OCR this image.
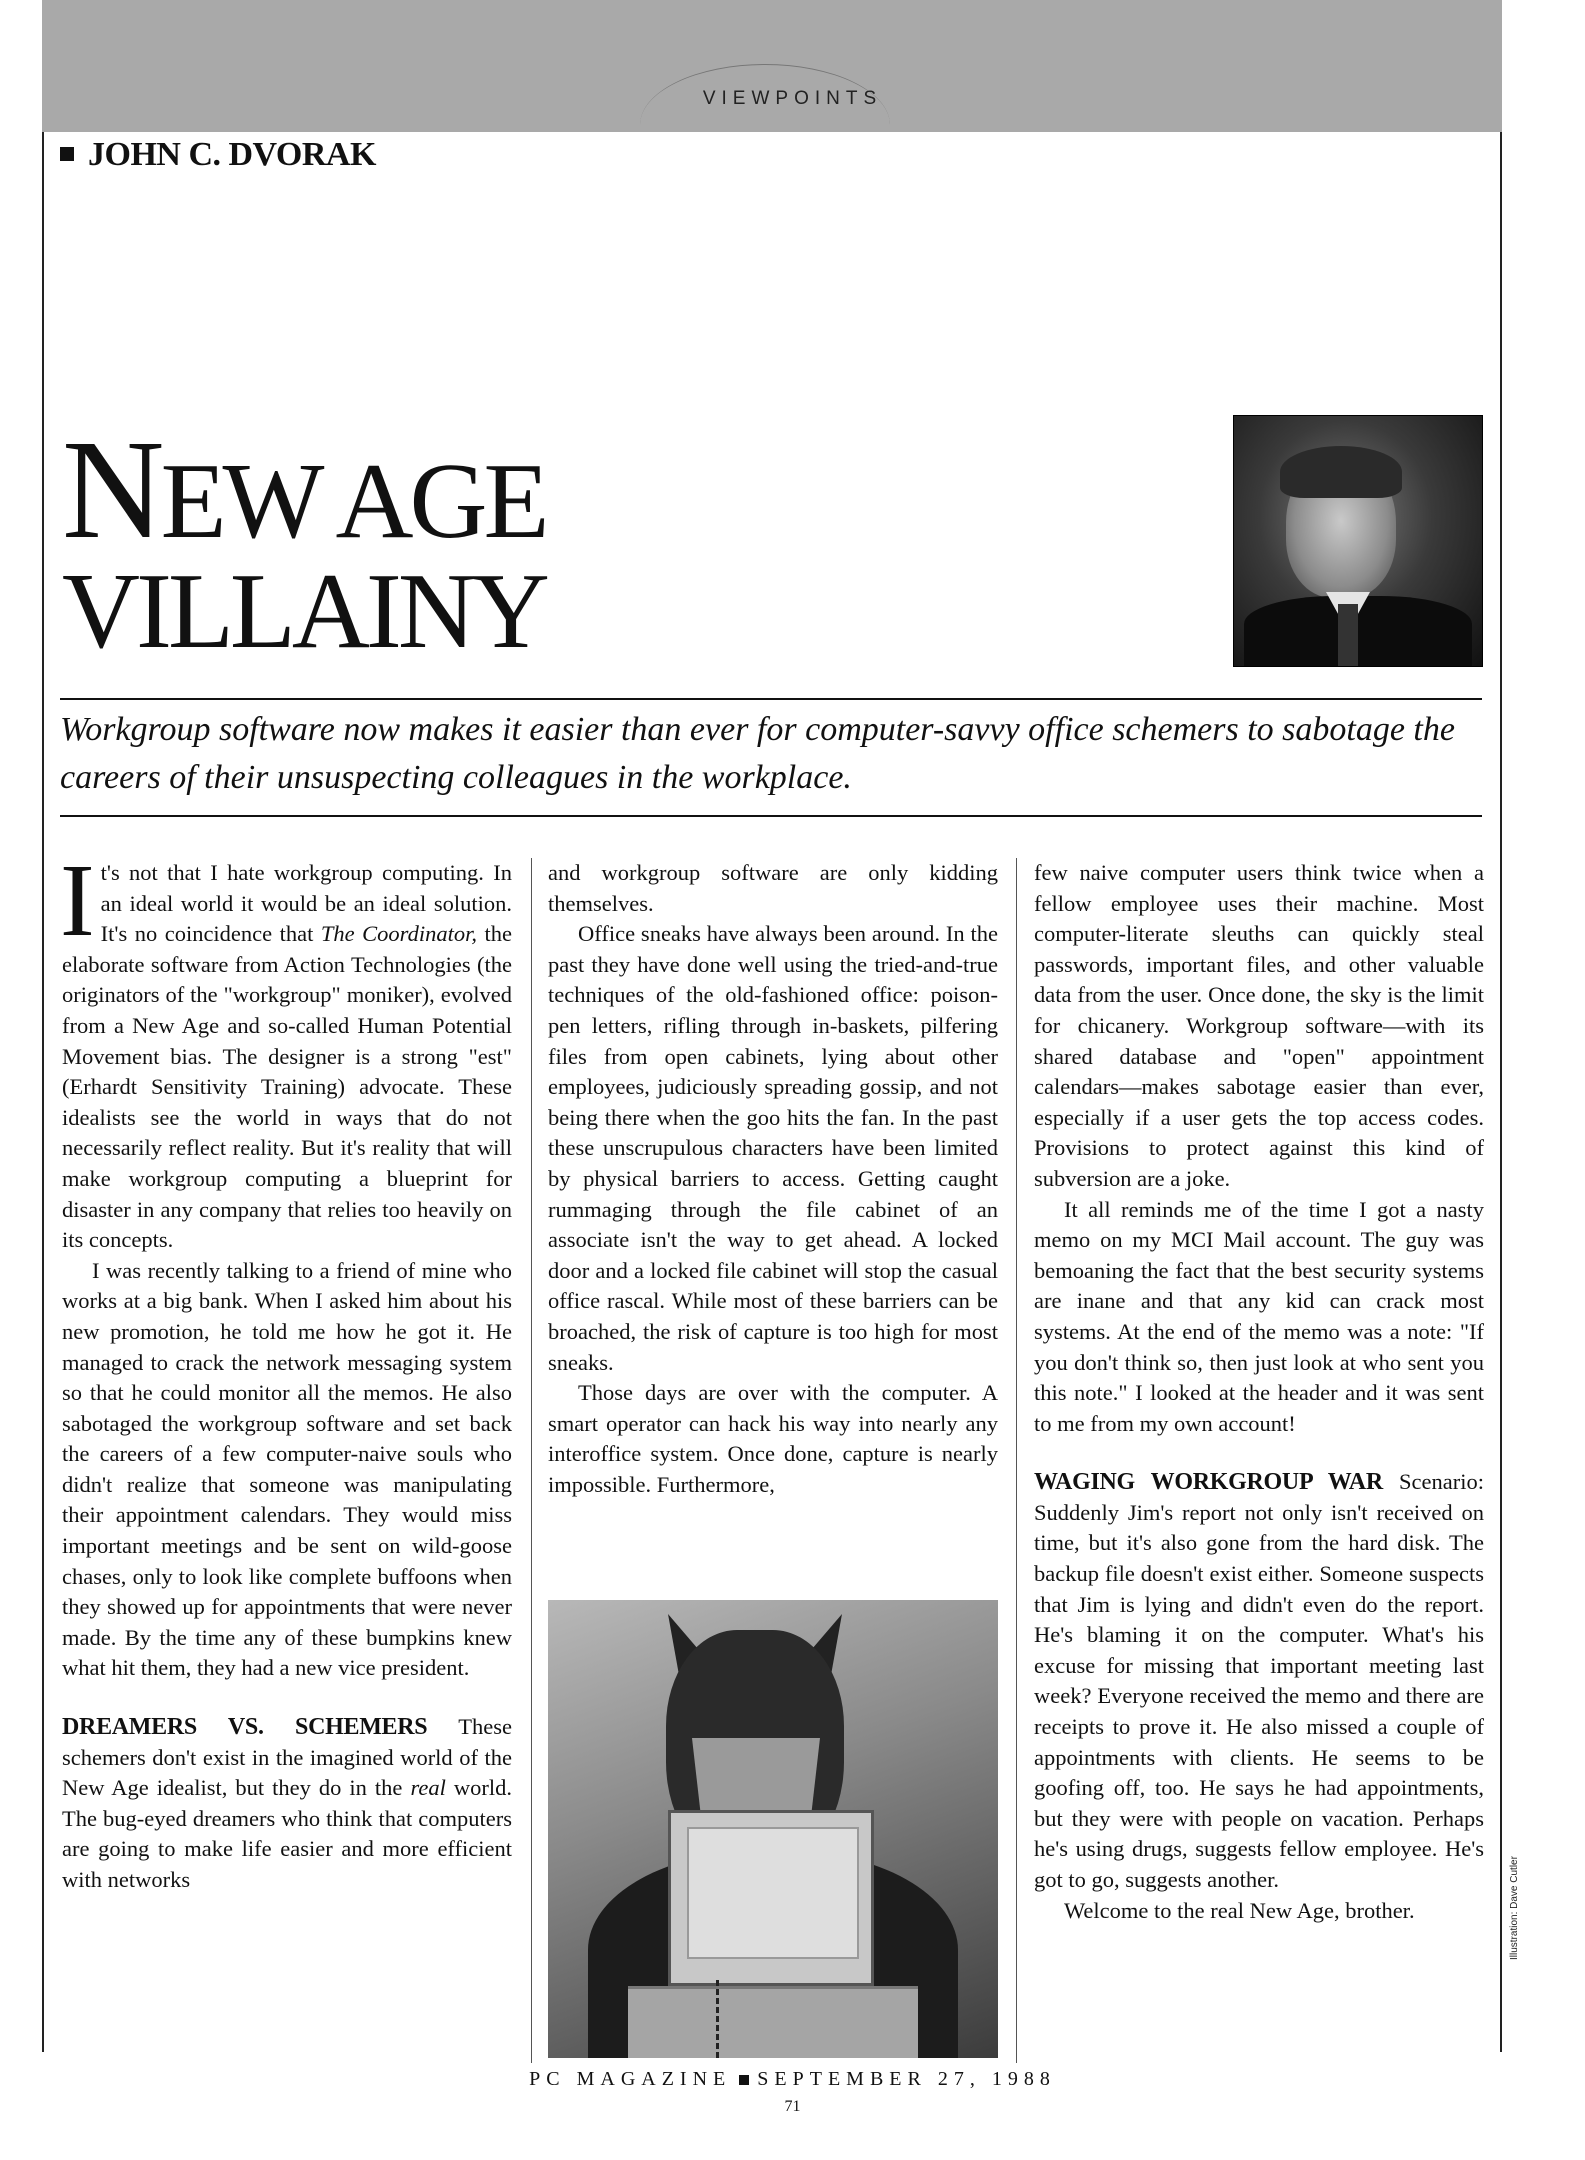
VIEWPOINTS
JOHN C. DVORAK
NEW AGE
VILLAINY

Workgroup software now makes it easier than ever for computer-savvy office schemers to sabotage the careers of their unsuspecting colleagues in the workplace.

It's not that I hate workgroup computing. In an ideal world it would be an ideal solution. It's no coincidence that The Coordinator, the elaborate software from Action Technologies (the originators of the "workgroup" moniker), evolved from a New Age and so-called Human Potential Movement bias. The designer is a strong "est" (Erhardt Sensitivity Training) advocate. These idealists see the world in ways that do not necessarily reflect reality. But it's reality that will make workgroup computing a blueprint for disaster in any company that relies too heavily on its concepts.

I was recently talking to a friend of mine who works at a big bank. When I asked him about his new promotion, he told me how he got it. He managed to crack the network messaging system so that he could monitor all the memos. He also sabotaged the workgroup software and set back the careers of a few computer-naive souls who didn't realize that someone was manipulating their appointment calendars. They would miss important meetings and be sent on wild-goose chases, only to look like complete buffoons when they showed up for appointments that were never made. By the time any of these bumpkins knew what hit them, they had a new vice president.

DREAMERS VS. SCHEMERS These schemers don't exist in the imagined world of the New Age idealist, but they do in the real world. The bug-eyed dreamers who think that computers are going to make life easier and more efficient with networks

and workgroup software are only kidding themselves.

Office sneaks have always been around. In the past they have done well using the tried-and-true techniques of the old-fashioned office: poison-pen letters, rifling through in-baskets, pilfering files from open cabinets, lying about other employees, judiciously spreading gossip, and not being there when the goo hits the fan. In the past these unscrupulous characters have been limited by physical barriers to access. Getting caught rummaging through the file cabinet of an associate isn't the way to get ahead. A locked door and a locked file cabinet will stop the casual office rascal. While most of these barriers can be broached, the risk of capture is too high for most sneaks.

Those days are over with the computer. A smart operator can hack his way into nearly any interoffice system. Once done, capture is nearly impossible. Furthermore,

few naive computer users think twice when a fellow employee uses their machine. Most computer-literate sleuths can quickly steal passwords, important files, and other valuable data from the user. Once done, the sky is the limit for chicanery. Workgroup software—with its shared database and "open" appointment calendars—makes sabotage easier than ever, especially if a user gets the top access codes. Provisions to protect against this kind of subversion are a joke.

It all reminds me of the time I got a nasty memo on my MCI Mail account. The guy was bemoaning the fact that the best security systems are inane and that any kid can crack most systems. At the end of the memo was a note: "If you don't think so, then just look at who sent you this note." I looked at the header and it was sent to me from my own account!

WAGING WORKGROUP WAR Scenario: Suddenly Jim's report not only isn't received on time, but it's also gone from the hard disk. The backup file doesn't exist either. Someone suspects that Jim is lying and didn't even do the report. He's blaming it on the computer. What's his excuse for missing that important meeting last week? Everyone received the memo and there are receipts to prove it. He also missed a couple of appointments with clients. He seems to be goofing off, too. He says he had appointments, but they were with people on vacation. Perhaps he's using drugs, suggests fellow employee. He's got to go, suggests another.

Welcome to the real New Age, brother.	Illustration: Dave Cutler
PC MAGAZINE SEPTEMBER 27, 1988
71
